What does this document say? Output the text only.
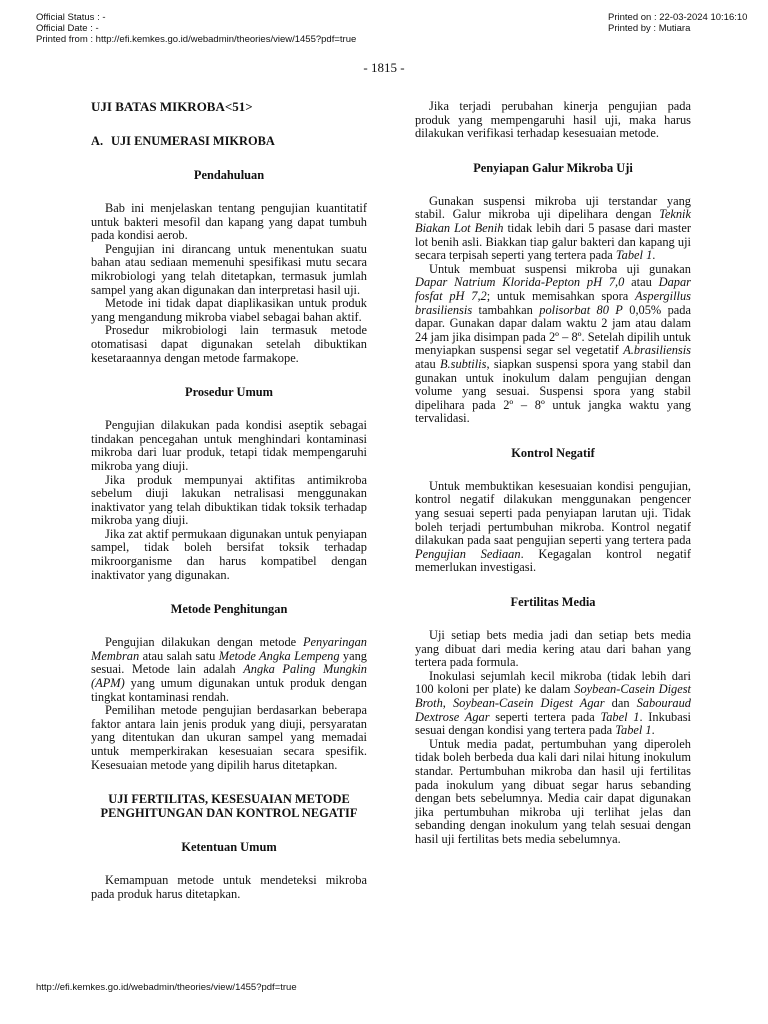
Official Status : -
Official Date : -
Printed from : http://efi.kemkes.go.id/webadmin/theories/view/1455?pdf=true
Printed on : 22-03-2024 10:16:10
Printed by : Mutiara
- 1815 -
UJI BATAS MIKROBA<51>
A. UJI ENUMERASI MIKROBA
Pendahuluan

Bab ini menjelaskan tentang pengujian kuantitatif untuk bakteri mesofil dan kapang yang dapat tumbuh pada kondisi aerob.

Pengujian ini dirancang untuk menentukan suatu bahan atau sediaan memenuhi spesifikasi mutu secara mikrobiologi yang telah ditetapkan, termasuk jumlah sampel yang akan digunakan dan interpretasi hasil uji.

Metode ini tidak dapat diaplikasikan untuk produk yang mengandung mikroba viabel sebagai bahan aktif.

Prosedur mikrobiologi lain termasuk metode otomatisasi dapat digunakan setelah dibuktikan kesetaraannya dengan metode farmakope.

Prosedur Umum

Pengujian dilakukan pada kondisi aseptik sebagai tindakan pencegahan untuk menghindari kontaminasi mikroba dari luar produk, tetapi tidak mempengaruhi mikroba yang diuji.

Jika produk mempunyai aktifitas antimikroba sebelum diuji lakukan netralisasi menggunakan inaktivator yang telah dibuktikan tidak toksik terhadap mikroba yang diuji.

Jika zat aktif permukaan digunakan untuk penyiapan sampel, tidak boleh bersifat toksik terhadap mikroorganisme dan harus kompatibel dengan inaktivator yang digunakan.

Metode Penghitungan

Pengujian dilakukan dengan metode Penyaringan Membran atau salah satu Metode Angka Lempeng yang sesuai. Metode lain adalah Angka Paling Mungkin (APM) yang umum digunakan untuk produk dengan tingkat kontaminasi rendah.

Pemilihan metode pengujian berdasarkan beberapa faktor antara lain jenis produk yang diuji, persyaratan yang ditentukan dan ukuran sampel yang memadai untuk memperkirakan kesesuaian secara spesifik. Kesesuaian metode yang dipilih harus ditetapkan.

UJI FERTILITAS, KESESUAIAN METODE
PENGHITUNGAN DAN KONTROL NEGATIF
Ketentuan Umum

Kemampuan metode untuk mendeteksi mikroba pada produk harus ditetapkan.

Jika terjadi perubahan kinerja pengujian pada produk yang mempengaruhi hasil uji, maka harus dilakukan verifikasi terhadap kesesuaian metode.

Penyiapan Galur Mikroba Uji

Gunakan suspensi mikroba uji terstandar yang stabil. Galur mikroba uji dipelihara dengan Teknik Biakan Lot Benih tidak lebih dari 5 pasase dari master lot benih asli. Biakkan tiap galur bakteri dan kapang uji secara terpisah seperti yang tertera pada Tabel 1.

Untuk membuat suspensi mikroba uji gunakan Dapar Natrium Klorida-Pepton pH 7,0 atau Dapar fosfat pH 7,2; untuk memisahkan spora Aspergillus brasiliensis tambahkan polisorbat 80 P 0,05% pada dapar. Gunakan dapar dalam waktu 2 jam atau dalam 24 jam jika disimpan pada 2º – 8º. Setelah dipilih untuk menyiapkan suspensi segar sel vegetatif A.brasiliensis atau B.subtilis, siapkan suspensi spora yang stabil dan gunakan untuk inokulum dalam pengujian dengan volume yang sesuai. Suspensi spora yang stabil dipelihara pada 2º – 8º untuk jangka waktu yang tervalidasi.

Kontrol Negatif

Untuk membuktikan kesesuaian kondisi pengujian, kontrol negatif dilakukan menggunakan pengencer yang sesuai seperti pada penyiapan larutan uji. Tidak boleh terjadi pertumbuhan mikroba. Kontrol negatif dilakukan pada saat pengujian seperti yang tertera pada Pengujian Sediaan. Kegagalan kontrol negatif memerlukan investigasi.

Fertilitas Media

Uji setiap bets media jadi dan setiap bets media yang dibuat dari media kering atau dari bahan yang tertera pada formula.

Inokulasi sejumlah kecil mikroba (tidak lebih dari 100 koloni per plate) ke dalam Soybean-Casein Digest Broth, Soybean-Casein Digest Agar dan Sabouraud Dextrose Agar seperti tertera pada Tabel 1. Inkubasi sesuai dengan kondisi yang tertera pada Tabel 1.

Untuk media padat, pertumbuhan yang diperoleh tidak boleh berbeda dua kali dari nilai hitung inokulum standar. Pertumbuhan mikroba dan hasil uji fertilitas pada inokulum yang dibuat segar harus sebanding dengan bets sebelumnya. Media cair dapat digunakan jika pertumbuhan mikroba uji terlihat jelas dan sebanding dengan inokulum yang telah sesuai dengan hasil uji fertilitas bets media sebelumnya.

http://efi.kemkes.go.id/webadmin/theories/view/1455?pdf=true
